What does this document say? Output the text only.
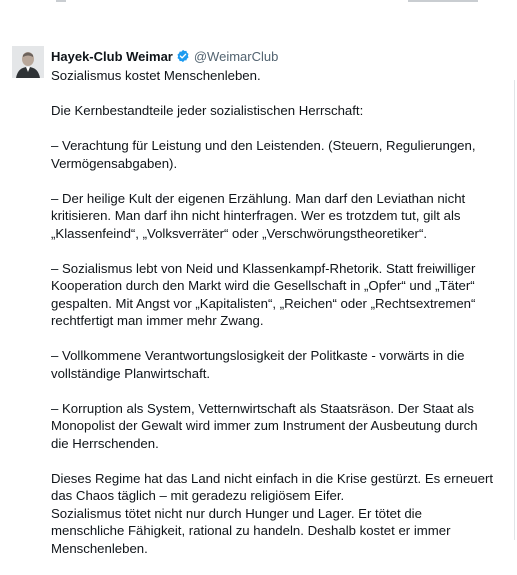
Hayek-Club Weimar @WeimarClub

Sozialismus kostet Menschenleben.

Die Kernbestandteile jeder sozialistischen Herrschaft:

– Verachtung für Leistung und den Leistenden. (Steuern, Regulierungen,
Vermögensabgaben).

– Der heilige Kult der eigenen Erzählung. Man darf den Leviathan nicht
kritisieren. Man darf ihn nicht hinterfragen. Wer es trotzdem tut, gilt als
„Klassenfeind“, „Volksverräter“ oder „Verschwörungstheoretiker“.

– Sozialismus lebt von Neid und Klassenkampf-Rhetorik. Statt freiwilliger
Kooperation durch den Markt wird die Gesellschaft in „Opfer“ und „Täter“
gespalten. Mit Angst vor „Kapitalisten“, „Reichen“ oder „Rechtsextremen“
rechtfertigt man immer mehr Zwang.

– Vollkommene Verantwortungslosigkeit der Politkaste - vorwärts in die
vollständige Planwirtschaft.

– Korruption als System, Vetternwirtschaft als Staatsräson. Der Staat als
Monopolist der Gewalt wird immer zum Instrument der Ausbeutung durch
die Herrschenden.

Dieses Regime hat das Land nicht einfach in die Krise gestürzt. Es erneuert
das Chaos täglich – mit geradezu religiösem Eifer.
Sozialismus tötet nicht nur durch Hunger und Lager. Er tötet die
menschliche Fähigkeit, rational zu handeln. Deshalb kostet er immer
Menschenleben.
